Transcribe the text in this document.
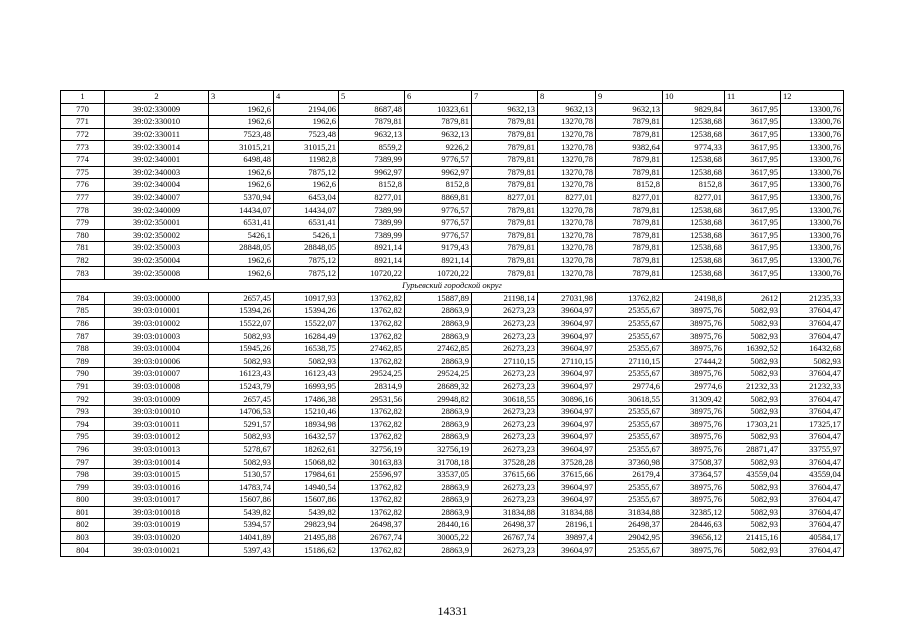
1	2	3	4	5	6	7	8	9	10	11	12
770	39:02:330009	1962,6	2194,06	8687,48	10323,61	9632,13	9632,13	9632,13	9829,84	3617,95	13300,76
771	39:02:330010	1962,6	1962,6	7879,81	7879,81	7879,81	13270,78	7879,81	12538,68	3617,95	13300,76
772	39:02:330011	7523,48	7523,48	9632,13	9632,13	7879,81	13270,78	7879,81	12538,68	3617,95	13300,76
773	39:02:330014	31015,21	31015,21	8559,2	9226,2	7879,81	13270,78	9382,64	9774,33	3617,95	13300,76
774	39:02:340001	6498,48	11982,8	7389,99	9776,57	7879,81	13270,78	7879,81	12538,68	3617,95	13300,76
775	39:02:340003	1962,6	7875,12	9962,97	9962,97	7879,81	13270,78	7879,81	12538,68	3617,95	13300,76
776	39:02:340004	1962,6	1962,6	8152,8	8152,8	7879,81	13270,78	8152,8	8152,8	3617,95	13300,76
777	39:02:340007	5370,94	6453,04	8277,01	8869,81	8277,01	8277,01	8277,01	8277,01	3617,95	13300,76
778	39:02:340009	14434,07	14434,07	7389,99	9776,57	7879,81	13270,78	7879,81	12538,68	3617,95	13300,76
779	39:02:350001	6531,41	6531,41	7389,99	9776,57	7879,81	13270,78	7879,81	12538,68	3617,95	13300,76
780	39:02:350002	5426,1	5426,1	7389,99	9776,57	7879,81	13270,78	7879,81	12538,68	3617,95	13300,76
781	39:02:350003	28848,05	28848,05	8921,14	9179,43	7879,81	13270,78	7879,81	12538,68	3617,95	13300,76
782	39:02:350004	1962,6	7875,12	8921,14	8921,14	7879,81	13270,78	7879,81	12538,68	3617,95	13300,76
783	39:02:350008	1962,6	7875,12	10720,22	10720,22	7879,81	13270,78	7879,81	12538,68	3617,95	13300,76
Гурьевский городской округ											
784	39:03:000000	2657,45	10917,93	13762,82	15887,89	21198,14	27031,98	13762,82	24198,8	2612	21235,33
785	39:03:010001	15394,26	15394,26	13762,82	28863,9	26273,23	39604,97	25355,67	38975,76	5082,93	37604,47
786	39:03:010002	15522,07	15522,07	13762,82	28863,9	26273,23	39604,97	25355,67	38975,76	5082,93	37604,47
787	39:03:010003	5082,93	16284,49	13762,82	28863,9	26273,23	39604,97	25355,67	38975,76	5082,93	37604,47
788	39:03:010004	15945,26	16538,75	27462,85	27462,85	26273,23	39604,97	25355,67	38975,76	16392,52	16432,68
789	39:03:010006	5082,93	5082,93	13762,82	28863,9	27110,15	27110,15	27110,15	27444,2	5082,93	5082,93
790	39:03:010007	16123,43	16123,43	29524,25	29524,25	26273,23	39604,97	25355,67	38975,76	5082,93	37604,47
791	39:03:010008	15243,79	16993,95	28314,9	28689,32	26273,23	39604,97	29774,6	29774,6	21232,33	21232,33
792	39:03:010009	2657,45	17486,38	29531,56	29948,82	30618,55	30896,16	30618,55	31309,42	5082,93	37604,47
793	39:03:010010	14706,53	15210,46	13762,82	28863,9	26273,23	39604,97	25355,67	38975,76	5082,93	37604,47
794	39:03:010011	5291,57	18934,98	13762,82	28863,9	26273,23	39604,97	25355,67	38975,76	17303,21	17325,17
795	39:03:010012	5082,93	16432,57	13762,82	28863,9	26273,23	39604,97	25355,67	38975,76	5082,93	37604,47
796	39:03:010013	5278,67	18262,61	32756,19	32756,19	26273,23	39604,97	25355,67	38975,76	28871,47	33755,97
797	39:03:010014	5082,93	15068,82	30163,83	31708,18	37528,28	37528,28	37360,98	37508,37	5082,93	37604,47
798	39:03:010015	5130,57	17984,61	25596,97	33537,05	37615,66	37615,66	26179,4	37364,57	43559,04	43559,04
799	39:03:010016	14783,74	14940,54	13762,82	28863,9	26273,23	39604,97	25355,67	38975,76	5082,93	37604,47
800	39:03:010017	15607,86	15607,86	13762,82	28863,9	26273,23	39604,97	25355,67	38975,76	5082,93	37604,47
801	39:03:010018	5439,82	5439,82	13762,82	28863,9	31834,88	31834,88	31834,88	32385,12	5082,93	37604,47
802	39:03:010019	5394,57	29823,94	26498,37	28440,16	26498,37	28196,1	26498,37	28446,63	5082,93	37604,47
803	39:03:010020	14041,89	21495,88	26767,74	30005,22	26767,74	39897,4	29042,95	39656,12	21415,16	40584,17
804	39:03:010021	5397,43	15186,62	13762,82	28863,9	26273,23	39604,97	25355,67	38975,76	5082,93	37604,47
14331
